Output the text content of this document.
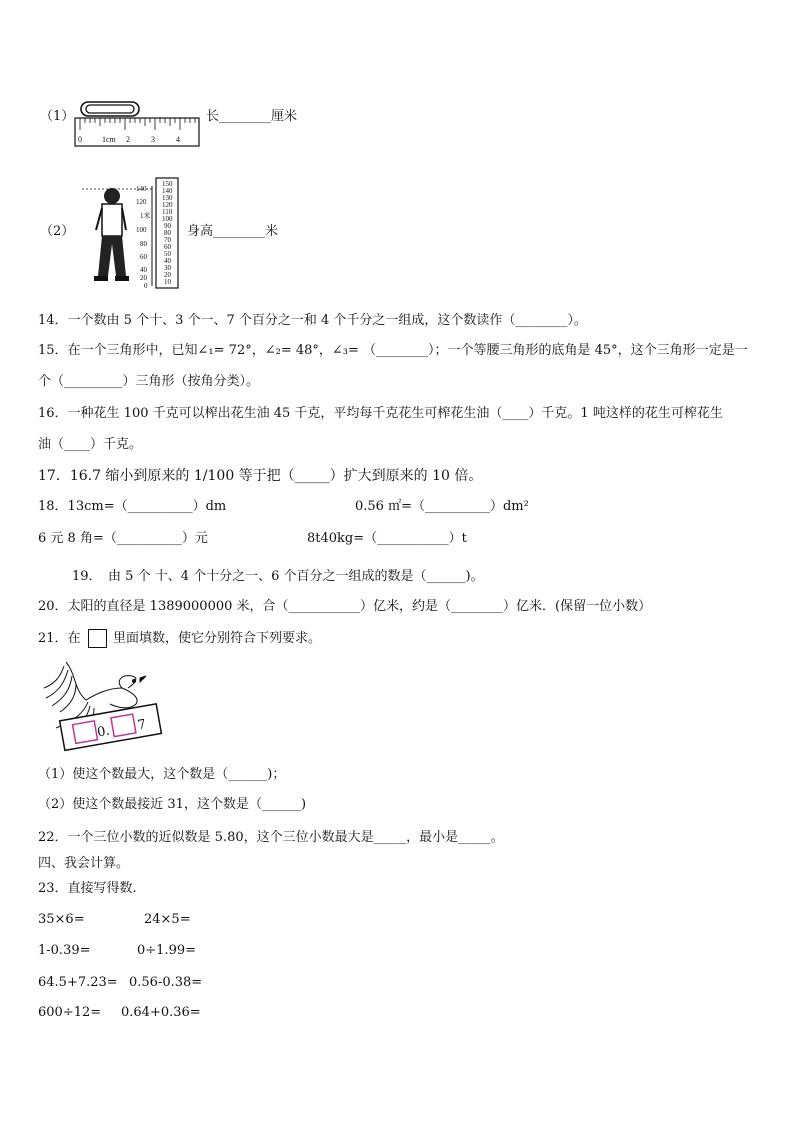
（1）
0	1cm 2	3	4
长________厘米
（2）
140
120
1米
100
80
60
40
20
0
150
140
130
120
110
100
90
80
70
60
50
40
30
20
10
身高________米
14．一个数由 5 个十、3 个一、7 个百分之一和 4 个千分之一组成，这个数读作（________）。
15．在一个三角形中，已知∠₁= 72°，∠₂= 48°，∠₃= （________）；一个等腰三角形的底角是 45°，这个三角形一定是一
个（_________）三角形（按角分类）。
16．一种花生 100 千克可以榨出花生油 45 千克，平均每千克花生可榨花生油（____）千克。1 吨这样的花生可榨花生
油（____）千克。
17．16.7 缩小到原来的 1/100 等于把（_____）扩大到原来的 10 倍。
18．13cm=（__________）dm	0.56 ㎡=（__________）dm²
6 元 8 角=（__________）元	8t40kg=（___________）t
19．　由 5 个 十、4 个十分之一、6 个百分之一组成的数是（______)。
20．太阳的直径是 1389000000 米，合（___________）亿米，约是（________）亿米．(保留一位小数）
21．在 里面填数，使它分别符合下列要求。
0. 7
（1）使这个数最大，这个数是（______)；
（2）使这个数最接近 31，这个数是（______)
22．一个三位小数的近似数是 5.80，这个三位小数最大是_____，最小是_____。
四、我会计算。
23．直接写得数.
35×6=	24×5=
1-0.39=	0÷1.99=
64.5+7.23= 0.56-0.38=
600÷12= 0.64+0.36=
